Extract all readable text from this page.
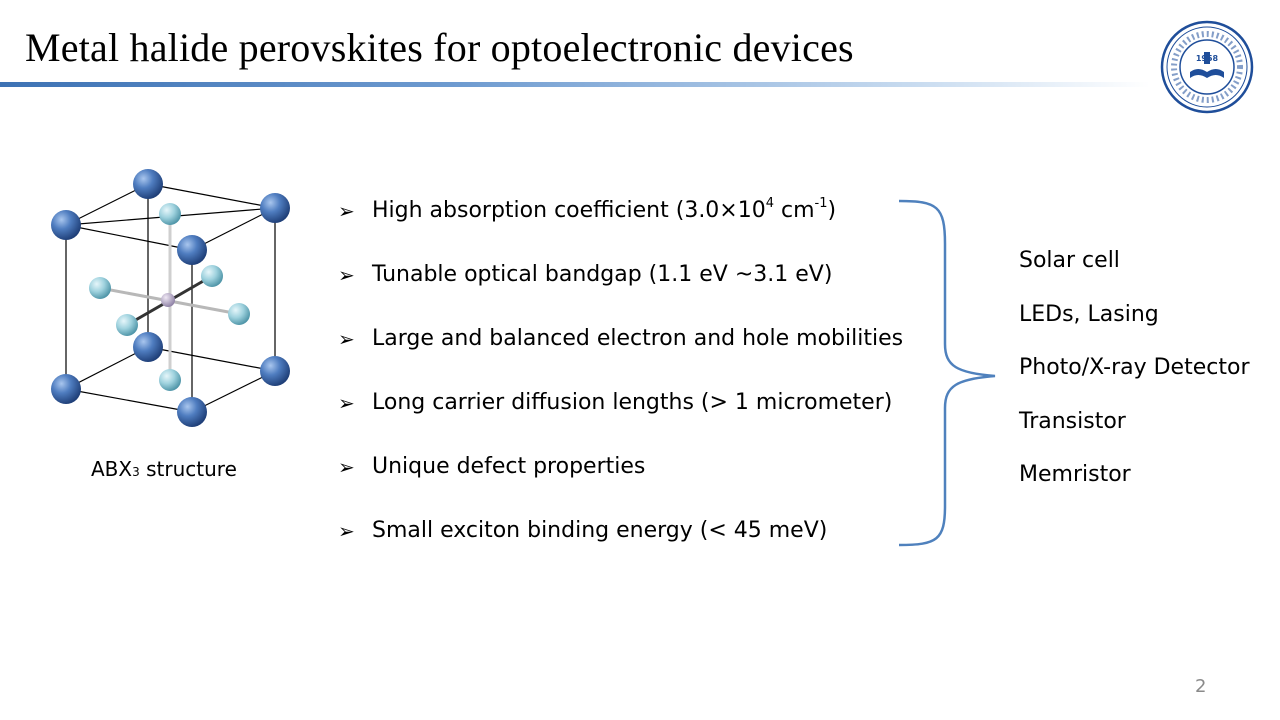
Metal halide perovskites for optoelectronic devices	1958
ABX3 structure
➢ High absorption coefficient ($3.0\times 10^4$ $cm^{-1}$)
➢ Tunable optical bandgap (1.1 eV ~3.1 eV)
➢ Large and balanced electron and hole mobilities
➢ Long carrier diffusion lengths (> 1 micrometer)
➢ Unique defect properties
➢ Small exciton binding energy (< 45 meV)
Solar cell
LEDs, Lasing
Photo/X-ray Detector
Transistor
Memristor
2
